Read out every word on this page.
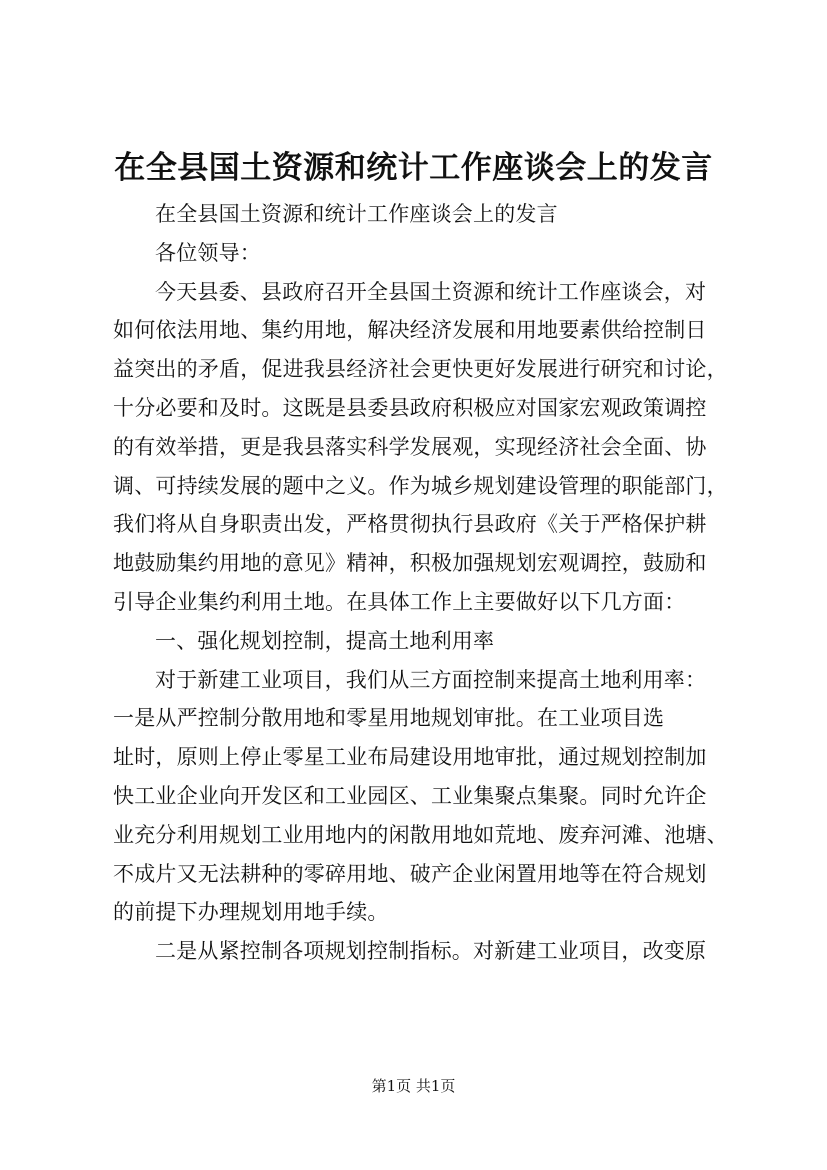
在全县国土资源和统计工作座谈会上的发言
在全县国土资源和统计工作座谈会上的发言
各位领导：
今天县委、县政府召开全县国土资源和统计工作座谈会，对
如何依法用地、集约用地，解决经济发展和用地要素供给控制日
益突出的矛盾，促进我县经济社会更快更好发展进行研究和讨论，
十分必要和及时。这既是县委县政府积极应对国家宏观政策调控
的有效举措，更是我县落实科学发展观，实现经济社会全面、协
调、可持续发展的题中之义。作为城乡规划建设管理的职能部门，
我们将从自身职责出发，严格贯彻执行县政府《关于严格保护耕
地鼓励集约用地的意见》精神，积极加强规划宏观调控，鼓励和
引导企业集约利用土地。在具体工作上主要做好以下几方面：
一、强化规划控制，提高土地利用率
对于新建工业项目，我们从三方面控制来提高土地利用率：
一是从严控制分散用地和零星用地规划审批。在工业项目选
址时，原则上停止零星工业布局建设用地审批，通过规划控制加
快工业企业向开发区和工业园区、工业集聚点集聚。同时允许企
业充分利用规划工业用地内的闲散用地如荒地、废弃河滩、池塘、
不成片又无法耕种的零碎用地、破产企业闲置用地等在符合规划
的前提下办理规划用地手续。
二是从紧控制各项规划控制指标。对新建工业项目，改变原
第1页 共1页
